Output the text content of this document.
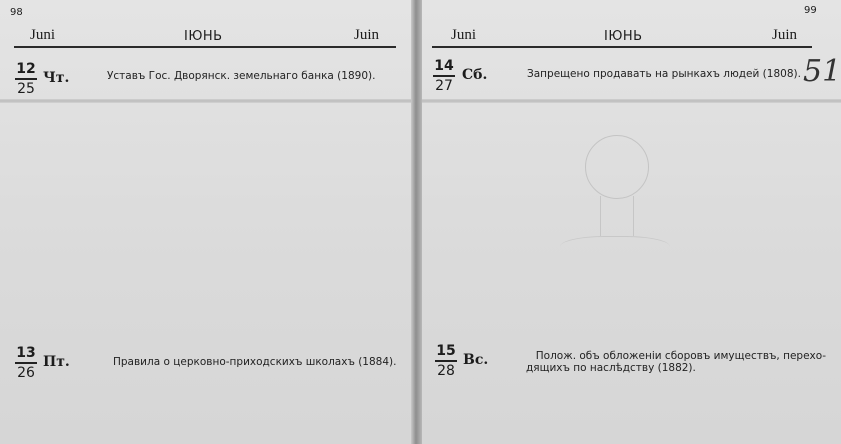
98
Juni	ІЮНЬ	Juin
12
25
Чт.	Уставъ Гос. Дворянск. земельнаго банка (1890).
13
26
Пт.	Правила о церковно-приходскихъ школахъ (1884).
99
Juni	ІЮНЬ	Juin
51
14
27
Сб.	Запрещено продавать на рынкахъ людей (1808).
15
28
Вс.	Полож. объ обложенiи сборовъ имуществъ, перехо-
дящихъ по наслѣдству (1882).
